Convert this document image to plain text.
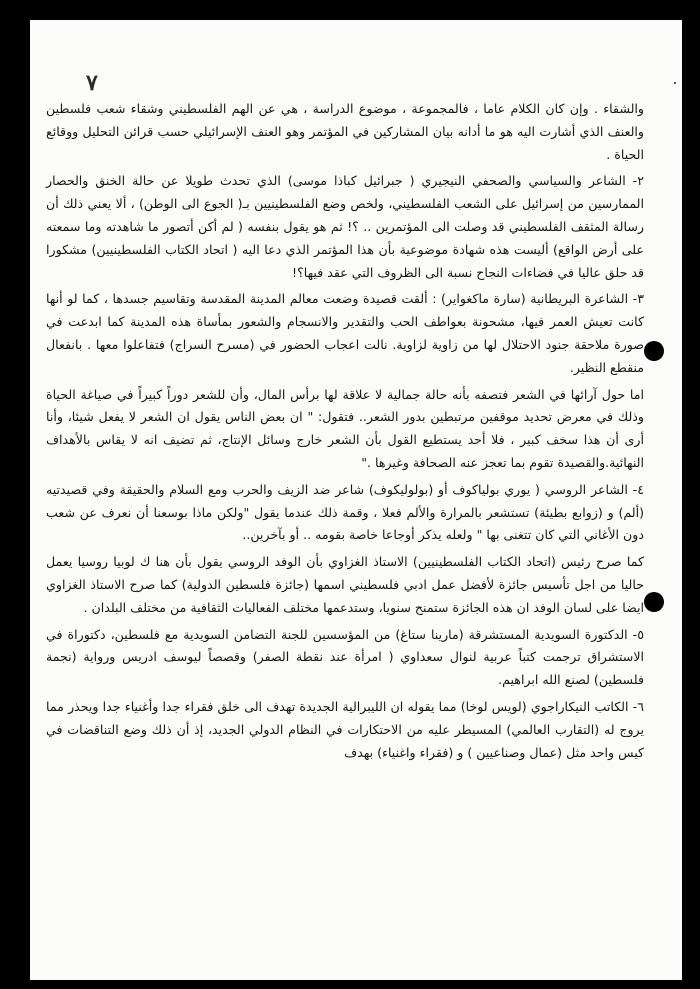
٧

والشقاء . وإن كان الكلام عاما ، فالمجموعة ، موضوع الدراسة ، هي عن الهم الفلسطيني وشقاء شعب فلسطين والعنف الذي أشارت اليه هو ما أدانه بيان المشاركين في المؤتمر وهو العنف الإسرائيلي حسب قرائن التحليل ووقائع الحياة .

٢- الشاعر والسياسي والصحفي النيجيري ( جبرائيل كباذا موسى) الذي تحدث طويلا عن حالة الخنق والحصار الممارسين من إسرائيل على الشعب الفلسطيني، ولخص وضع الفلسطينيين بـ( الجوع الى الوطن) ، ألا يعني ذلك أن رسالة المثقف الفلسطيني قد وصلت الى المؤتمرين .. ؟! ثم هو يقول بنفسه ( لم أكن أتصور ما شاهدته وما سمعته على أرض الواقع) أليست هذه شهادة موضوعية بأن هذا المؤتمر الذي دعا اليه ( اتحاد الكتاب الفلسطينيين) مشكورا قد حلق عاليا في فضاءات النجاح نسبة الى الظروف التي عقد فيها؟!

٣- الشاعرة البريطانية (سارة ماكغواير) : ألقت قصيدة وضعت معالم المدينة المقدسة وتقاسيم جسدها ، كما لو أنها كانت تعيش العمر فيها، مشحونة بعواطف الحب والتقدير والانسجام والشعور بمأساة هذه المدينة كما ابدعت في صورة ملاحقة جنود الاحتلال لها من زاوية لزاوية. نالت اعجاب الحضور في (مسرح السراج) فتفاعلوا معها . بانفعال منقطع النظير.

اما حول آرائها في الشعر فتصفه بأنه حالة جمالية لا علاقة لها برأس المال، وأن للشعر دوراً كبيراً في صياغة الحياة وذلك في معرض تحديد موقفين مرتبطين بدور الشعر.. فتقول: " ان بعض الناس يقول ان الشعر لا يفعل شيئا، وأنا أرى أن هذا سخف كبير ، فلا أحد يستطيع القول بأن الشعر خارج وسائل الإنتاج، ثم تضيف انه لا يقاس بالأهداف النهائية.والقصيدة تقوم بما تعجز عنه الصحافة وغيرها ."

٤- الشاعر الروسي ( يوري بولياكوف أو (بولوليكوف) شاعر ضد الزيف والحرب ومع السلام والحقيقة وفي قصيدتيه (ألم) و (زوابع بطيئة) تستشعر بالمرارة والألم فعلا ، وقمة ذلك عندما يقول "ولكن ماذا بوسعنا أن نعرف عن شعب دون الأغاني التي كان تتغنى بها " ولعله يذكر أوجاعا خاصة بقومه .. أو بآخرين..

كما صرح رئيس (اتحاد الكتاب الفلسطينيين) الاستاذ الغزاوي بأن الوفد الروسي يقول بأن هنا ك لوبيا روسيا يعمل حاليا من اجل تأسيس جائزة لأفضل عمل ادبي فلسطيني اسمها (جائزة فلسطين الدولية) كما صرح الاستاذ الغزاوي ايضا على لسان الوفد ان هذه الجائزة ستمنح سنويا، وستدعمها مختلف الفعاليات الثقافية من مختلف البلدان .

٥- الدكتورة السويدية المستشرقة (مارينا ستاغ) من المؤسسين للجنة التضامن السويدية مع فلسطين، دكتوراة في الاستشراق ترجمت كتباً عربية لنوال سعداوي ( امرأة عند نقطة الصفر) وقصصاً ليوسف ادريس ورواية (نجمة فلسطين) لصنع الله ابراهيم.

٦- الكاتب النيكاراجوي (لويس لوخا) مما يقوله ان الليبرالية الجديدة تهدف الى خلق فقراء جدا وأغنياء جدا ويحذر مما يروج له (التقارب العالمي) المسيطر عليه من الاحتكارات في النظام الدولي الجديد، إذ أن ذلك وضع التناقضات في كيس واحد مثل (عمال وصناعيين ) و (فقراء واغنياء) بهدف
